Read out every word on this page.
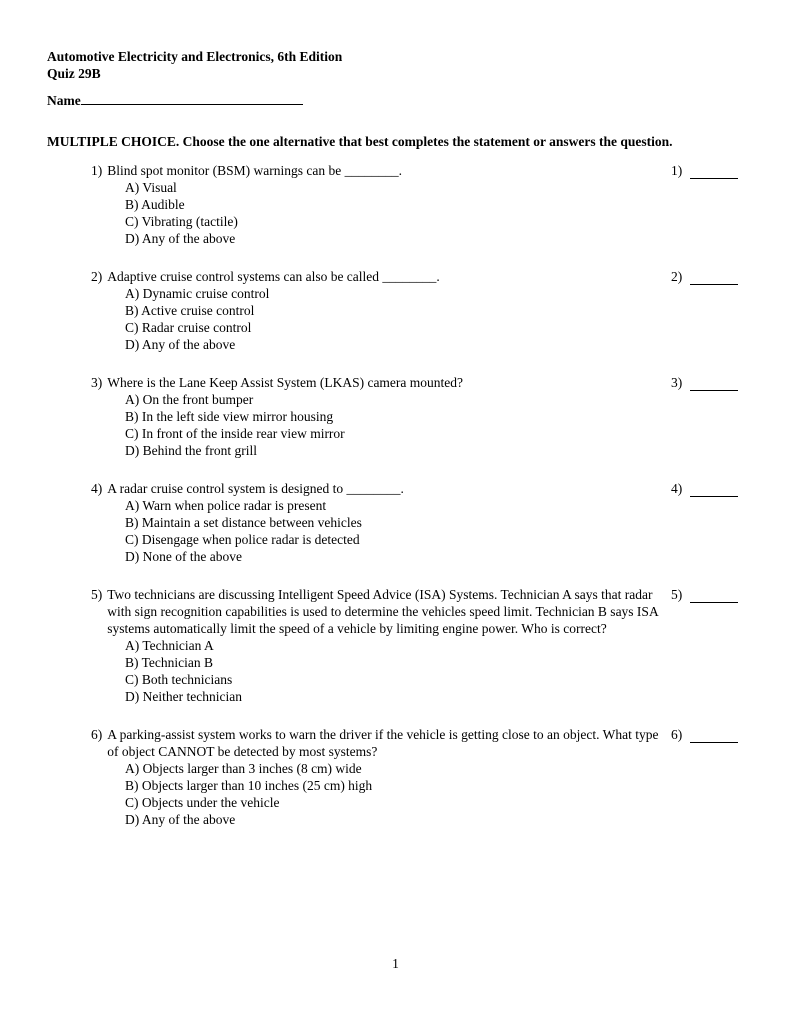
Automotive Electricity and Electronics, 6th Edition
Quiz 29B
Name
MULTIPLE CHOICE. Choose the one alternative that best completes the statement or answers the question.
1) Blind spot monitor (BSM) warnings can be ________.
A) Visual
B) Audible
C) Vibrating (tactile)
D) Any of the above
1)
2) Adaptive cruise control systems can also be called ________.
A) Dynamic cruise control
B) Active cruise control
C) Radar cruise control
D) Any of the above
2)
3) Where is the Lane Keep Assist System (LKAS) camera mounted?
A) On the front bumper
B) In the left side view mirror housing
C) In front of the inside rear view mirror
D) Behind the front grill
3)
4) A radar cruise control system is designed to ________.
A) Warn when police radar is present
B) Maintain a set distance between vehicles
C) Disengage when police radar is detected
D) None of the above
4)
5) Two technicians are discussing Intelligent Speed Advice (ISA) Systems. Technician A says that radar with sign recognition capabilities is used to determine the vehicles speed limit. Technician B says ISA systems automatically limit the speed of a vehicle by limiting engine power. Who is correct?
A) Technician A
B) Technician B
C) Both technicians
D) Neither technician
5)
6) A parking-assist system works to warn the driver if the vehicle is getting close to an object. What type of object CANNOT be detected by most systems?
A) Objects larger than 3 inches (8 cm) wide
B) Objects larger than 10 inches (25 cm) high
C) Objects under the vehicle
D) Any of the above
6)
1
